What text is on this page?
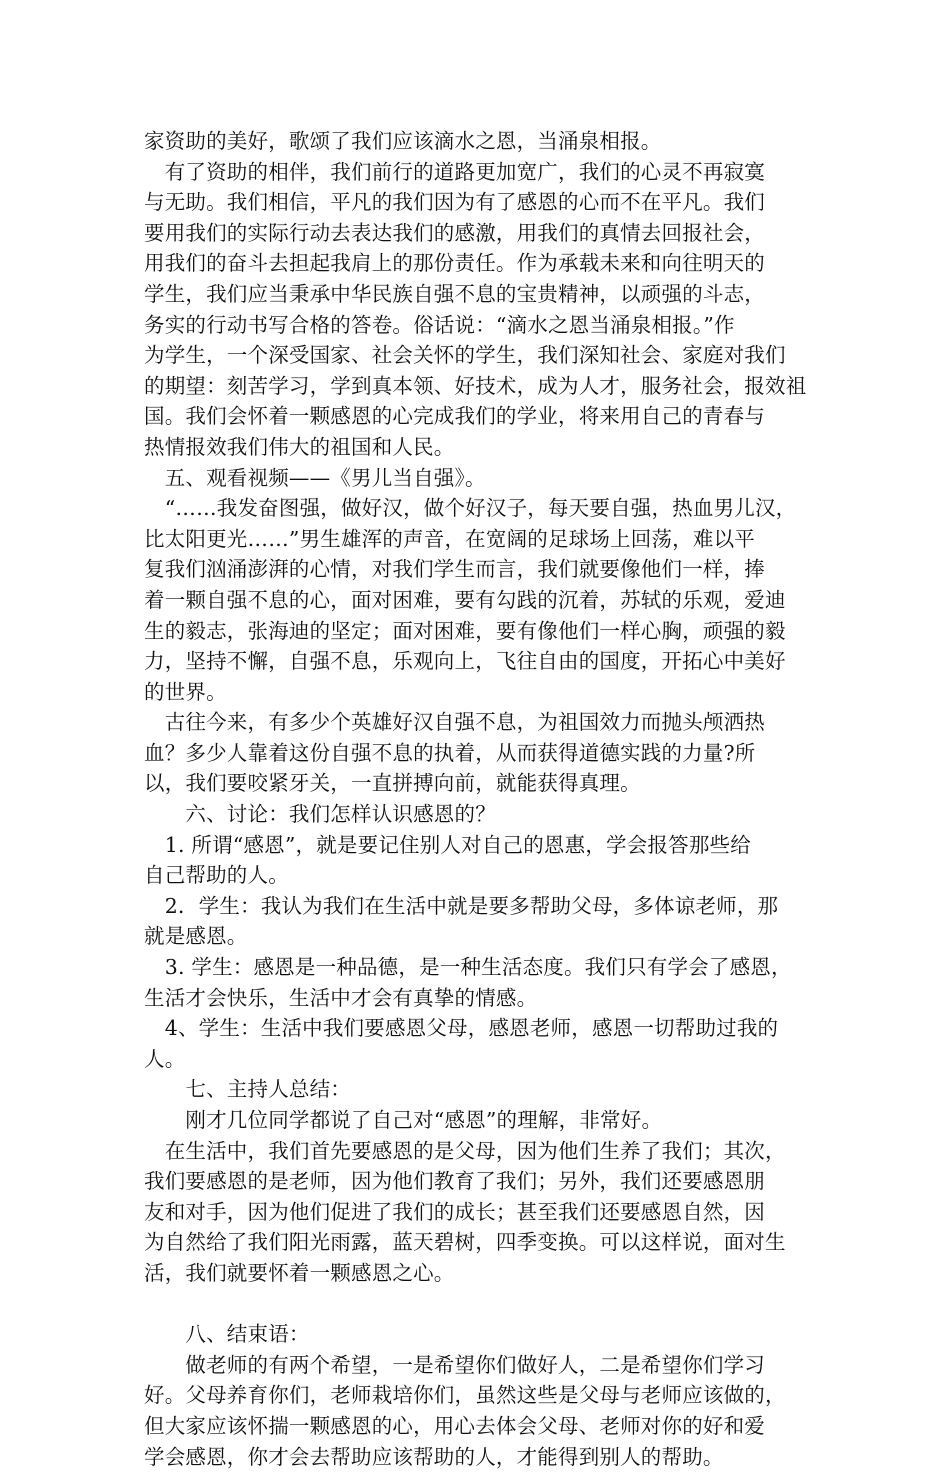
家资助的美好，歌颂了我们应该滴水之恩，当涌泉相报。
　有了资助的相伴，我们前行的道路更加宽广，我们的心灵不再寂寞
与无助。我们相信，平凡的我们因为有了感恩的心而不在平凡。我们
要用我们的实际行动去表达我们的感激，用我们的真情去回报社会，
用我们的奋斗去担起我肩上的那份责任。作为承载未来和向往明天的
学生，我们应当秉承中华民族自强不息的宝贵精神，以顽强的斗志，
务实的行动书写合格的答卷。俗话说：“滴水之恩当涌泉相报。”作
为学生，一个深受国家、社会关怀的学生，我们深知社会、家庭对我们
的期望：刻苦学习，学到真本领、好技术，成为人才，服务社会，报效祖
国。我们会怀着一颗感恩的心完成我们的学业，将来用自己的青春与
热情报效我们伟大的祖国和人民。
　五、观看视频——《男儿当自强》。
　“……我发奋图强，做好汉，做个好汉子，每天要自强，热血男儿汉，
比太阳更光……”男生雄浑的声音，在宽阔的足球场上回荡，难以平
复我们汹涌澎湃的心情，对我们学生而言，我们就要像他们一样，捧
着一颗自强不息的心，面对困难，要有勾践的沉着，苏轼的乐观，爱迪
生的毅志，张海迪的坚定；面对困难，要有像他们一样心胸，顽强的毅
力，坚持不懈，自强不息，乐观向上，飞往自由的国度，开拓心中美好
的世界。
　古往今来，有多少个英雄好汉自强不息，为祖国效力而抛头颅洒热
血？多少人靠着这份自强不息的执着，从而获得道德实践的力量?所
以，我们要咬紧牙关，一直拼搏向前，就能获得真理。
　　六、讨论：我们怎样认识感恩的？
　1. 所谓“感恩”，就是要记住别人对自己的恩惠，学会报答那些给
自己帮助的人。
　2．学生：我认为我们在生活中就是要多帮助父母，多体谅老师，那
就是感恩。
　3. 学生：感恩是一种品德，是一种生活态度。我们只有学会了感恩，
生活才会快乐，生活中才会有真挚的情感。
　4、学生：生活中我们要感恩父母，感恩老师，感恩一切帮助过我的
人。
　　七、主持人总结：
　　刚才几位同学都说了自己对“感恩”的理解，非常好。
　在生活中，我们首先要感恩的是父母，因为他们生养了我们；其次，
我们要感恩的是老师，因为他们教育了我们；另外，我们还要感恩朋
友和对手，因为他们促进了我们的成长；甚至我们还要感恩自然，因
为自然给了我们阳光雨露，蓝天碧树，四季变换。可以这样说，面对生
活，我们就要怀着一颗感恩之心。
　　八、结束语：
　　做老师的有两个希望，一是希望你们做好人，二是希望你们学习
好。父母养育你们，老师栽培你们，虽然这些是父母与老师应该做的，
但大家应该怀揣一颗感恩的心，用心去体会父母、老师对你的好和爱
学会感恩，你才会去帮助应该帮助的人，才能得到别人的帮助。
